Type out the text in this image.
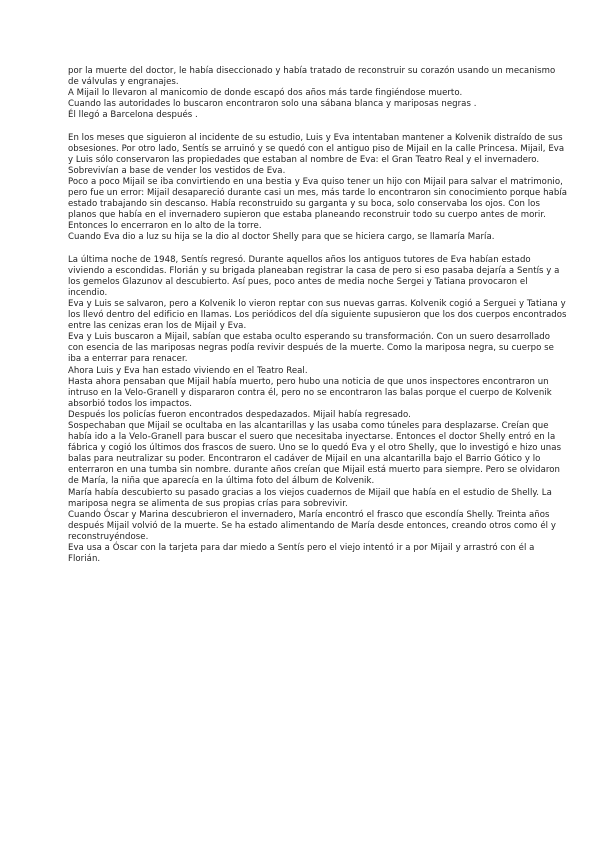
por la muerte del doctor, le había diseccionado y había tratado de reconstruir su corazón usando un mecanismo de válvulas y engranajes.

A Mijail lo llevaron al manicomio de donde escapó dos años más tarde fingiéndose muerto.

Cuando las autoridades lo buscaron encontraron solo una sábana blanca y mariposas negras .

Él llegó a Barcelona después .

En los meses que siguieron al incidente de su estudio, Luis y Eva intentaban mantener a Kolvenik distraído de sus obsesiones. Por otro lado, Sentís se arruinó y se quedó con el antiguo piso de Mijail en la calle Princesa. Mijail, Eva y Luis sólo conservaron las propiedades que estaban al nombre de Eva: el Gran Teatro Real y el invernadero. Sobrevivían a base de vender los vestidos de Eva.

Poco a poco Mijail se iba convirtiendo en una bestia y Eva quiso tener un hijo con Mijail para salvar el matrimonio, pero fue un error: Mijail desapareció durante casi un mes, más tarde lo encontraron sin conocimiento porque había estado trabajando sin descanso. Había reconstruido su garganta y su boca, solo conservaba los ojos. Con los planos que había en el invernadero supieron que estaba planeando reconstruir todo su cuerpo antes de morir. Entonces lo encerraron en lo alto de la torre.

Cuando Eva dio a luz su hija se la dio al doctor Shelly para que se hiciera cargo, se llamaría María.

La última noche de 1948, Sentís regresó. Durante aquellos años los antiguos tutores de Eva habían estado viviendo a escondidas. Florián y su brigada planeaban registrar la casa de pero si eso pasaba dejaría a Sentís y a los gemelos Glazunov al descubierto. Así pues, poco antes de media noche Sergei y Tatiana provocaron el incendio.

Eva y Luis se salvaron, pero a Kolvenik lo vieron reptar con sus nuevas garras. Kolvenik cogió a Serguei y Tatiana y los llevó dentro del edificio en llamas. Los periódicos del día siguiente supusieron que los dos cuerpos encontrados entre las cenizas eran los de Mijail y Eva.

Eva y Luis buscaron a Mijail, sabían que estaba oculto esperando su transformación. Con un suero desarrollado con esencia de las mariposas negras podía revivir después de la muerte. Como la mariposa negra, su cuerpo se iba a enterrar para renacer.

Ahora Luis y Eva han estado viviendo en el Teatro Real.

Hasta ahora pensaban que Mijail había muerto, pero hubo una noticia de que unos inspectores encontraron un intruso en la Velo-Granell y dispararon contra él, pero no se encontraron las balas porque el cuerpo de Kolvenik absorbió todos los impactos.

Después los policías fueron encontrados despedazados. Mijail había regresado.

Sospechaban que Mijail se ocultaba en las alcantarillas y las usaba como túneles para desplazarse. Creían que había ido a la Velo-Granell para buscar el suero que necesitaba inyectarse. Entonces el doctor Shelly entró en la fábrica y cogió los últimos dos frascos de suero. Uno se lo quedó Eva y el otro Shelly, que lo investigó e hizo unas balas para neutralizar su poder. Encontraron el cadáver de Mijail en una alcantarilla bajo el Barrio Gótico y lo enterraron en una tumba sin nombre. durante años creían que Mijail está muerto para siempre. Pero se olvidaron de María, la niña que aparecía en la última foto del álbum de Kolvenik.

María había descubierto su pasado gracias a los viejos cuadernos de Mijail que había en el estudio de Shelly. La mariposa negra se alimenta de sus propias crías para sobrevivir.

Cuando Óscar y Marina descubrieron el invernadero, María encontró el frasco que escondía Shelly. Treinta años después Mijail volvió de la muerte. Se ha estado alimentando de María desde entonces, creando otros como él y reconstruyéndose.

Eva usa a Óscar con la tarjeta para dar miedo a Sentís pero el viejo intentó ir a por Mijail y arrastró con él a Florián.
